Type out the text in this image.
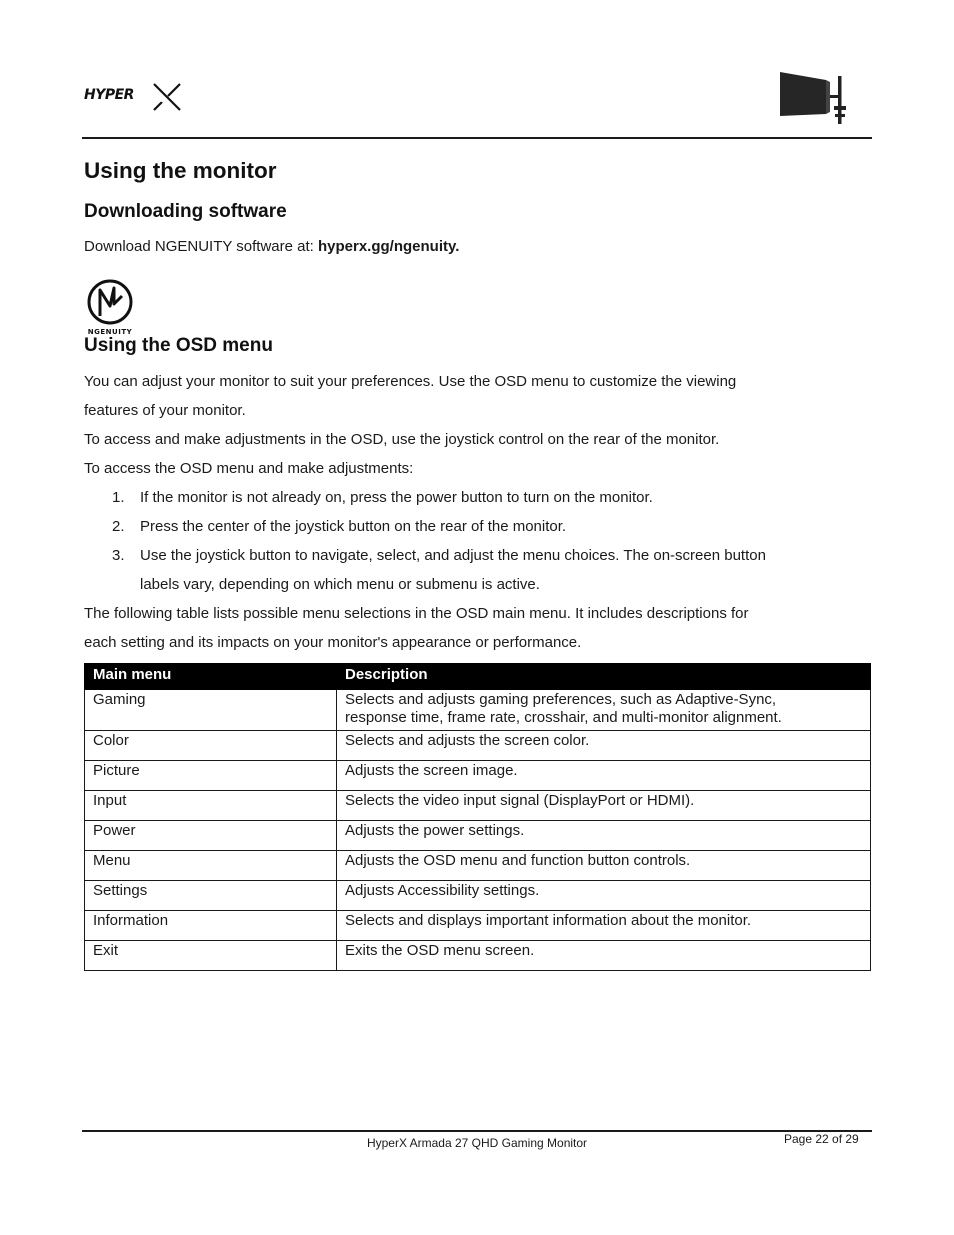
HYPER
Using the monitor
Downloading software
Download NGENUITY software at: hyperx.gg/ngenuity.
NGENUITY
Using the OSD menu
You can adjust your monitor to suit your preferences. Use the OSD menu to customize the viewing
features of your monitor.
To access and make adjustments in the OSD, use the joystick control on the rear of the monitor.
To access the OSD menu and make adjustments:
1. If the monitor is not already on, press the power button to turn on the monitor.
2. Press the center of the joystick button on the rear of the monitor.
3. Use the joystick button to navigate, select, and adjust the menu choices. The on-screen button
labels vary, depending on which menu or submenu is active.
The following table lists possible menu selections in the OSD main menu. It includes descriptions for
each setting and its impacts on your monitor's appearance or performance.
Main menu	Description
Gaming	Selects and adjusts gaming preferences, such as Adaptive-Sync,
response time, frame rate, crosshair, and multi-monitor alignment.

Color	Selects and adjusts the screen color.
Picture	Adjusts the screen image.
Input	Selects the video input signal (DisplayPort or HDMI).
Power	Adjusts the power settings.
Menu	Adjusts the OSD menu and function button controls.
Settings	Adjusts Accessibility settings.
Information	Selects and displays important information about the monitor.
Exit	Exits the OSD menu screen.
HyperX Armada 27 QHD Gaming Monitor	Page 22 of 29
